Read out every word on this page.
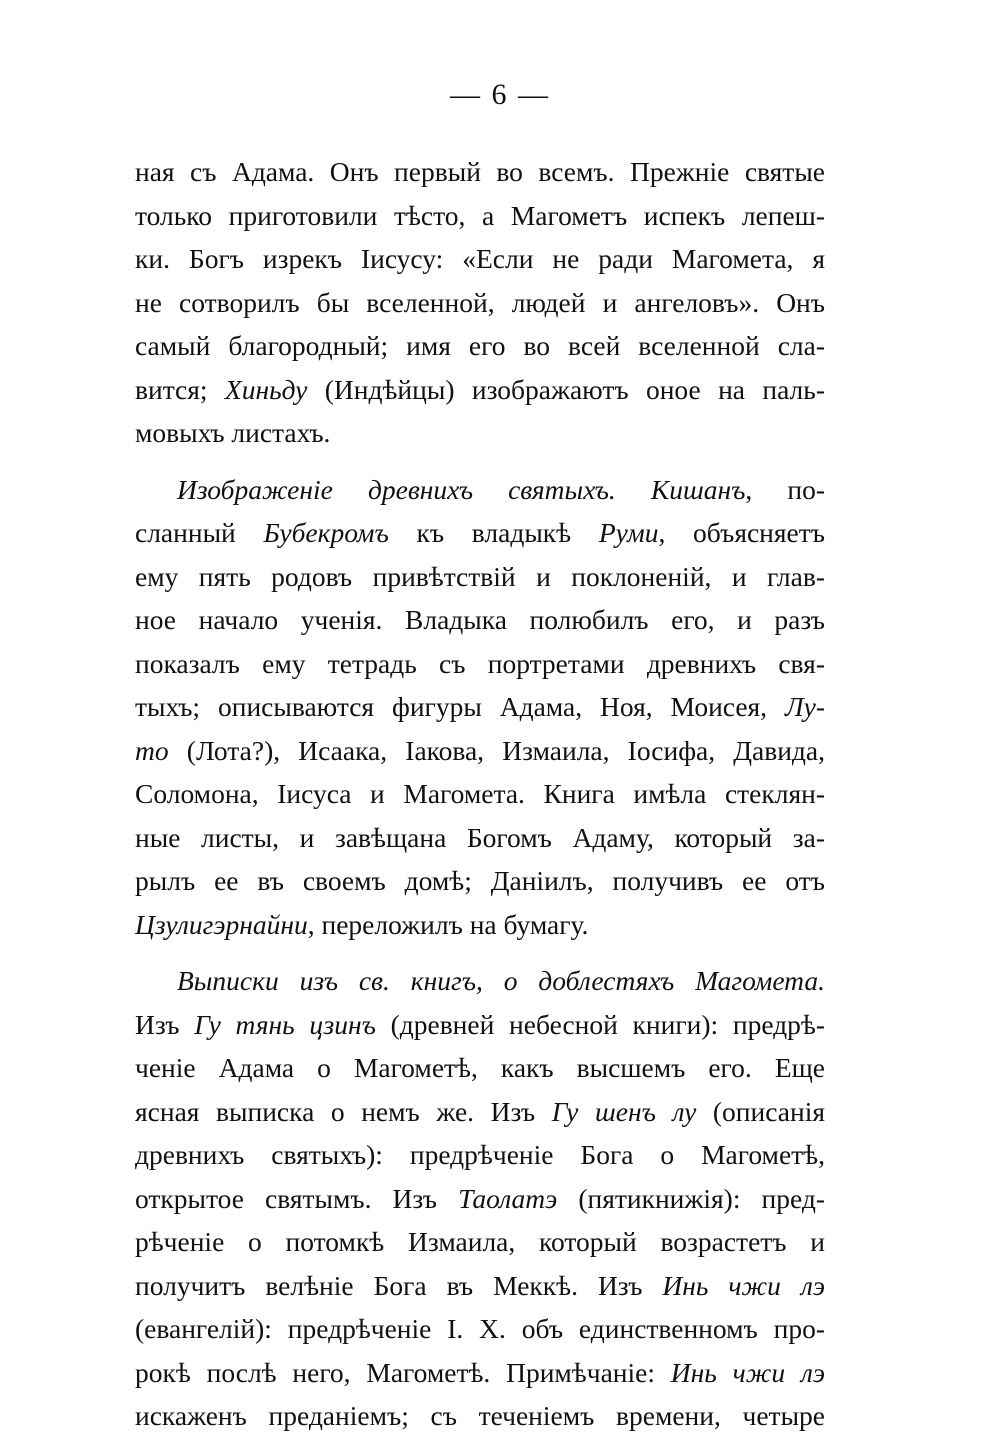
— 6 —
ная съ Адама. Онъ первый во всемъ. Прежніе святые
только приготовили тѣсто, а Магометъ испекъ лепеш-
ки. Богъ изрекъ Іисусу: «Если не ради Магомета, я
не сотворилъ бы вселенной, людей и ангеловъ». Онъ
самый благородный; имя его во всей вселенной сла-
вится; Хиньду (Индѣйцы) изображаютъ оное на паль-
мовыхъ листахъ.
Изображеніе древнихъ святыхъ. Кишанъ, по-
сланный Бубекромъ къ владыкѣ Руми, объясняетъ
ему пять родовъ привѣтствій и поклоненій, и глав-
ное начало ученія. Владыка полюбилъ его, и разъ
показалъ ему тетрадь съ портретами древнихъ свя-
тыхъ; описываются фигуры Адама, Ноя, Моисея, Лу-
то (Лота?), Исаака, Іакова, Измаила, Іосифа, Давида,
Соломона, Іисуса и Магомета. Книга имѣла стеклян-
ные листы, и завѣщана Богомъ Адаму, который за-
рылъ ее въ своемъ домѣ; Даніилъ, получивъ ее отъ
Цзулигэрнайни, переложилъ на бумагу.
Выписки изъ св. книгъ, о доблестяхъ Магомета.
Изъ Гу тянь цзинъ (древней небесной книги): предрѣ-
ченіе Адама о Магометѣ, какъ высшемъ его. Еще
ясная выписка о немъ же. Изъ Гу шенъ лу (описанія
древнихъ святыхъ): предрѣченіе Бога о Магометѣ,
открытое святымъ. Изъ Таолатэ (пятикнижія): пред-
рѣченіе о потомкѣ Измаила, который возрастетъ и
получитъ велѣніе Бога въ Меккѣ. Изъ Инь чжи лэ
(евангелій): предрѣченіе І. Х. объ единственномъ про-
рокѣ послѣ него, Магометѣ. Примѣчаніе: Инь чжи лэ
искаженъ преданіемъ; съ теченіемъ времени, четыре
